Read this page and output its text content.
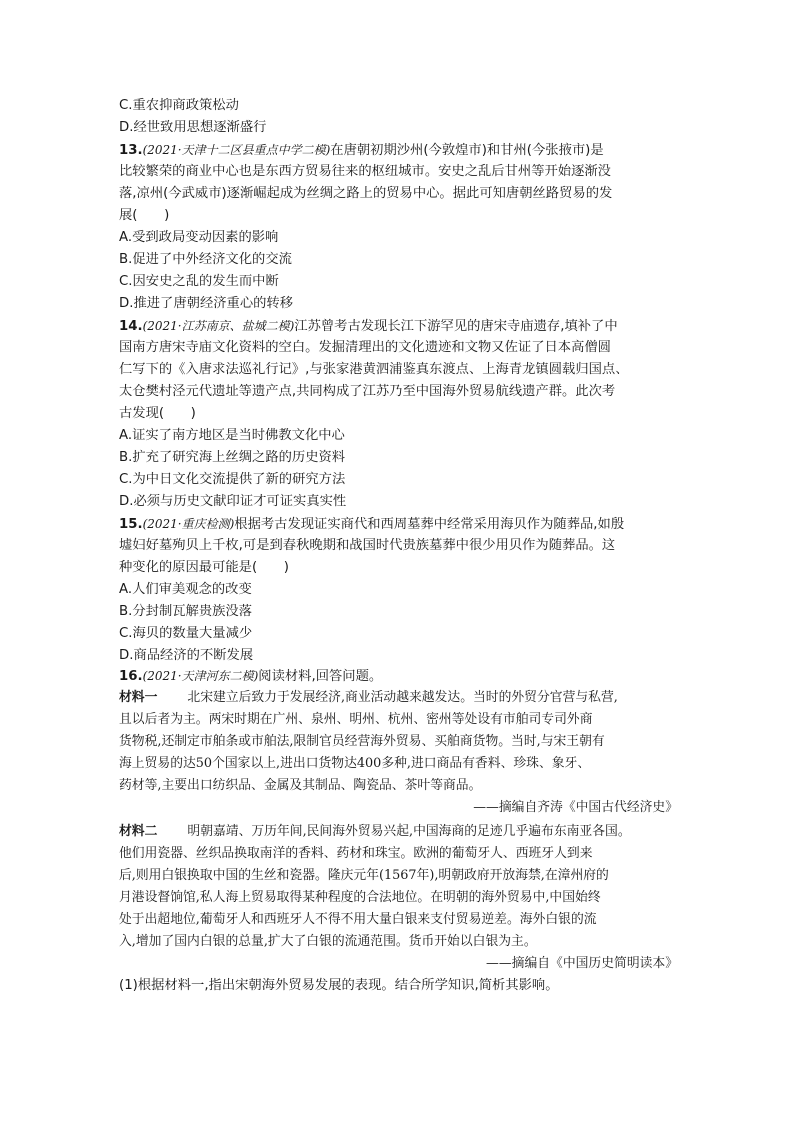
C.重农抑商政策松动
D.经世致用思想逐渐盛行
13.(2021·天津十二区县重点中学二模)在唐朝初期沙州(今敦煌市)和甘州(今张掖市)是
比较繁荣的商业中心也是东西方贸易往来的枢纽城市。安史之乱后甘州等开始逐渐没
落,凉州(今武威市)逐渐崛起成为丝绸之路上的贸易中心。据此可知唐朝丝路贸易的发
展(　　)
A.受到政局变动因素的影响
B.促进了中外经济文化的交流
C.因安史之乱的发生而中断
D.推进了唐朝经济重心的转移
14.(2021·江苏南京、盐城二模)江苏曾考古发现长江下游罕见的唐宋寺庙遗存,填补了中
国南方唐宋寺庙文化资料的空白。发掘清理出的文化遗迹和文物又佐证了日本高僧圆
仁写下的《入唐求法巡礼行记》,与张家港黄泗浦鉴真东渡点、上海青龙镇圆载归国点、
太仓樊村泾元代遗址等遗产点,共同构成了江苏乃至中国海外贸易航线遗产群。此次考
古发现(　　)
A.证实了南方地区是当时佛教文化中心
B.扩充了研究海上丝绸之路的历史资料
C.为中日文化交流提供了新的研究方法
D.必须与历史文献印证才可证实真实性
15.(2021·重庆检测)根据考古发现证实商代和西周墓葬中经常采用海贝作为随葬品,如殷
墟妇好墓殉贝上千枚,可是到春秋晚期和战国时代贵族墓葬中很少用贝作为随葬品。这
种变化的原因最可能是(　　)
A.人们审美观念的改变
B.分封制瓦解贵族没落
C.海贝的数量大量减少
D.商品经济的不断发展
16.(2021·天津河东二模)阅读材料,回答问题。
材料一 北宋建立后致力于发展经济,商业活动越来越发达。当时的外贸分官营与私营,
且以后者为主。两宋时期在广州、泉州、明州、杭州、密州等处设有市舶司专司外商
货物税,还制定市舶条或市舶法,限制官员经营海外贸易、买舶商货物。当时,与宋王朝有
海上贸易的达50个国家以上,进出口货物达400多种,进口商品有香料、珍珠、象牙、
药材等,主要出口纺织品、金属及其制品、陶瓷品、茶叶等商品。
——摘编自齐涛《中国古代经济史》
材料二 明朝嘉靖、万历年间,民间海外贸易兴起,中国海商的足迹几乎遍布东南亚各国。
他们用瓷器、丝织品换取南洋的香料、药材和珠宝。欧洲的葡萄牙人、西班牙人到来
后,则用白银换取中国的生丝和瓷器。隆庆元年(1567年),明朝政府开放海禁,在漳州府的
月港设督饷馆,私人海上贸易取得某种程度的合法地位。在明朝的海外贸易中,中国始终
处于出超地位,葡萄牙人和西班牙人不得不用大量白银来支付贸易逆差。海外白银的流
入,增加了国内白银的总量,扩大了白银的流通范围。货币开始以白银为主。
——摘编自《中国历史简明读本》
(1)根据材料一,指出宋朝海外贸易发展的表现。结合所学知识,简析其影响。
